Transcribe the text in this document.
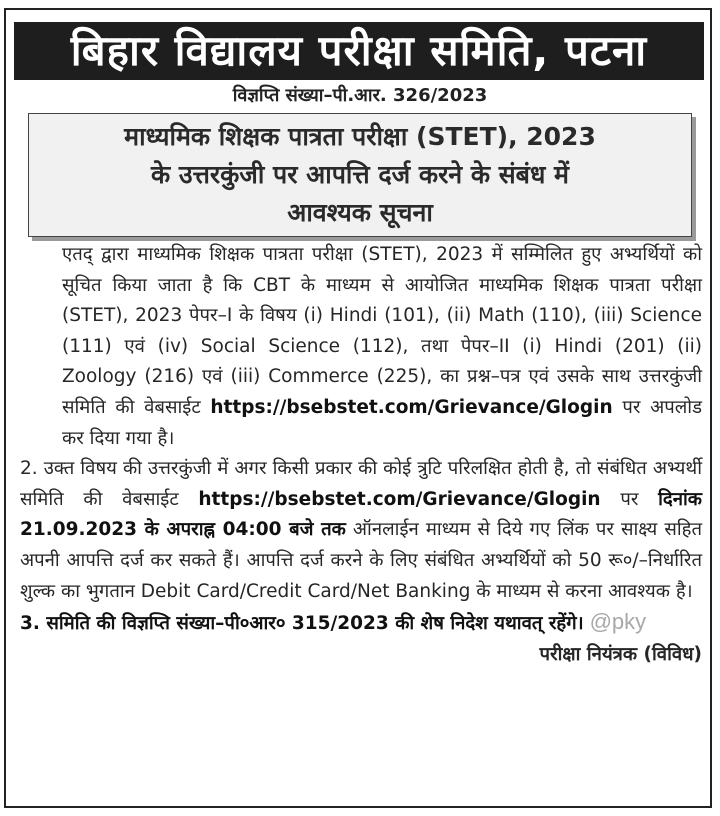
बिहार विद्यालय परीक्षा समिति, पटना
विज्ञप्ति संख्या–पी.आर. 326/2023
माध्यमिक शिक्षक पात्रता परीक्षा (STET), 2023
के उत्तरकुंजी पर आपत्ति दर्ज करने के संबंध में
आवश्यक सूचना

एतद् द्वारा माध्यमिक शिक्षक पात्रता परीक्षा (STET), 2023 में सम्मिलित हुए अभ्यर्थियों को सूचित किया जाता है कि CBT के माध्यम से आयोजित माध्यमिक शिक्षक पात्रता परीक्षा (STET), 2023 पेपर–I के विषय (i) Hindi (101), (ii) Math (110), (iii) Science (111) एवं (iv) Social Science (112), तथा पेपर–II (i) Hindi (201) (ii) Zoology (216) एवं (iii) Commerce (225), का प्रश्न–पत्र एवं उसके साथ उत्तरकुंजी समिति की वेबसाईट https://bsebstet.com/Grievance/Glogin पर अपलोड कर दिया गया है।

2. उक्त विषय की उत्तरकुंजी में अगर किसी प्रकार की कोई त्रुटि परिलक्षित होती है, तो संबंधित अभ्यर्थी समिति की वेबसाईट https://bsebstet.com/Grievance/Glogin पर दिनांक 21.09.2023 के अपराह्न 04:00 बजे तक ऑनलाईन माध्यम से दिये गए लिंक पर साक्ष्य सहित अपनी आपत्ति दर्ज कर सकते हैं। आपत्ति दर्ज करने के लिए संबंधित अभ्यर्थियों को 50 रू०/–निर्धारित शुल्क का भुगतान Debit Card/Credit Card/Net Banking के माध्यम से करना आवश्यक है।

3. समिति की विज्ञप्ति संख्या–पी०आर० 315/2023 की शेष निदेश यथावत् रहेंगे। @pky
परीक्षा नियंत्रक (विविध)
